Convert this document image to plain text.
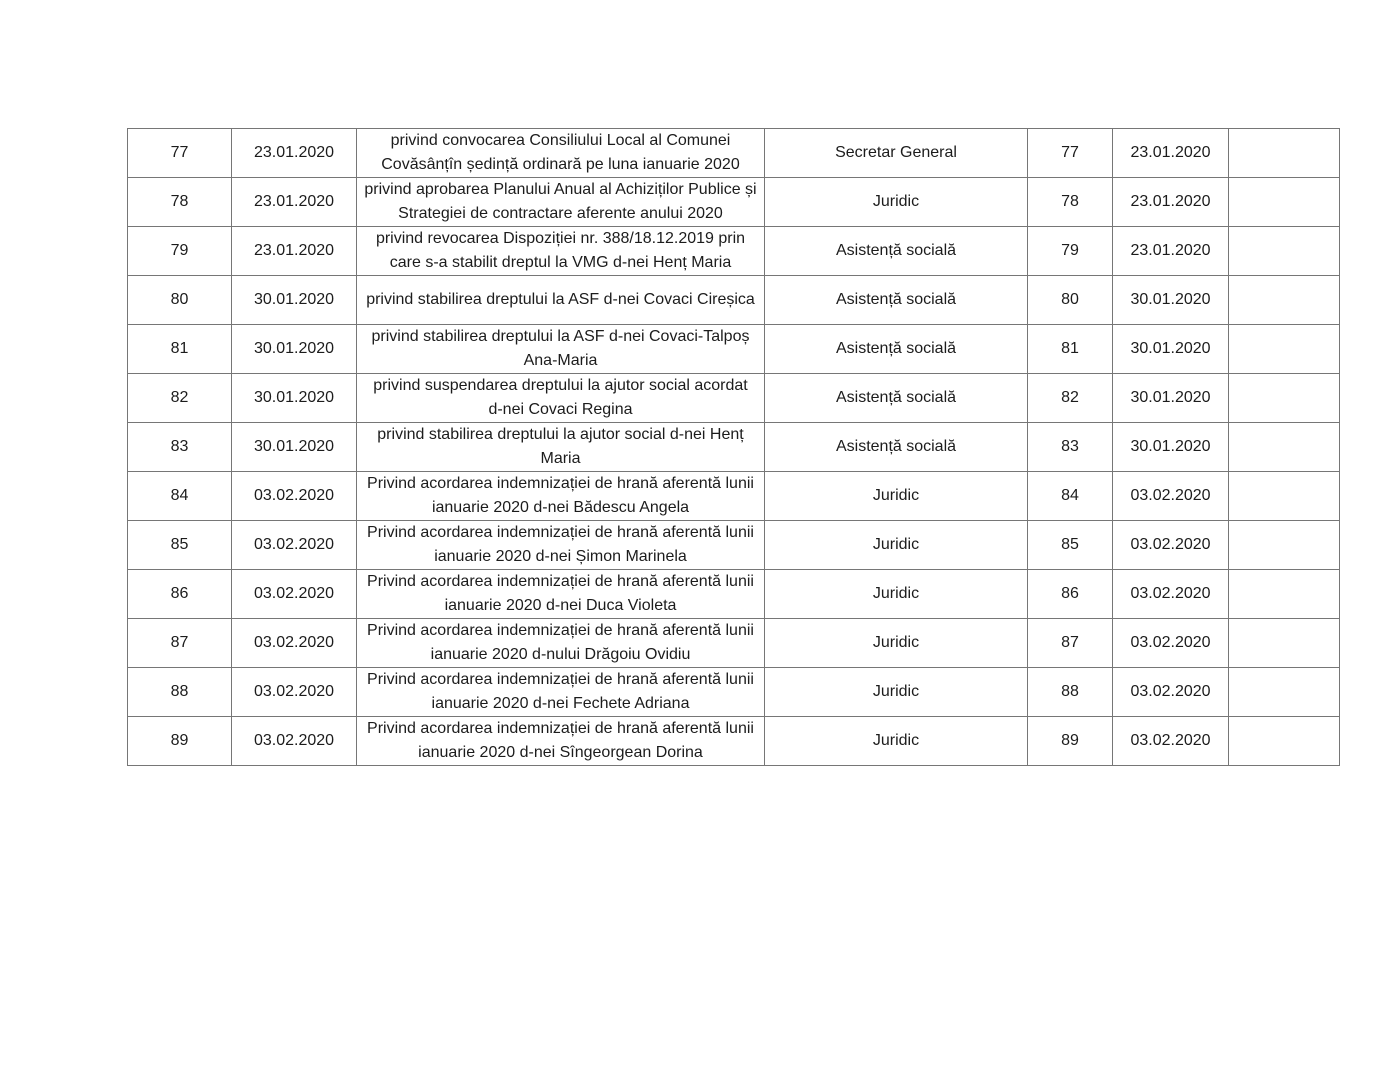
77	23.01.2020	privind convocarea Consiliului Local al Comunei Covăsânțîn ședință ordinară pe luna ianuarie 2020	Secretar General	77	23.01.2020	
78	23.01.2020	privind aprobarea Planului Anual al Achiziților Publice și Strategiei de contractare aferente anului 2020	Juridic	78	23.01.2020	
79	23.01.2020	privind revocarea Dispoziției nr. 388/18.12.2019 prin care s-a stabilit dreptul la VMG d-nei Henț Maria	Asistență socială	79	23.01.2020	
80	30.01.2020	privind stabilirea dreptului la ASF d-nei Covaci Cireșica	Asistență socială	80	30.01.2020	
81	30.01.2020	privind stabilirea dreptului la ASF d-nei Covaci-Talpoș Ana-Maria	Asistență socială	81	30.01.2020	
82	30.01.2020	privind suspendarea dreptului la ajutor social acordat d-nei Covaci Regina	Asistență socială	82	30.01.2020	
83	30.01.2020	privind stabilirea dreptului la ajutor social d-nei Henț Maria	Asistență socială	83	30.01.2020	
84	03.02.2020	Privind acordarea indemnizației de hrană aferentă lunii ianuarie 2020 d-nei Bădescu Angela	Juridic	84	03.02.2020	
85	03.02.2020	Privind acordarea indemnizației de hrană aferentă lunii ianuarie 2020 d-nei Șimon Marinela	Juridic	85	03.02.2020	
86	03.02.2020	Privind acordarea indemnizației de hrană aferentă lunii ianuarie 2020 d-nei Duca Violeta	Juridic	86	03.02.2020	
87	03.02.2020	Privind acordarea indemnizației de hrană aferentă lunii ianuarie 2020 d-nului Drăgoiu Ovidiu	Juridic	87	03.02.2020	
88	03.02.2020	Privind acordarea indemnizației de hrană aferentă lunii ianuarie 2020 d-nei Fechete Adriana	Juridic	88	03.02.2020	
89	03.02.2020	Privind acordarea indemnizației de hrană aferentă lunii ianuarie 2020 d-nei Sîngeorgean Dorina	Juridic	89	03.02.2020	
